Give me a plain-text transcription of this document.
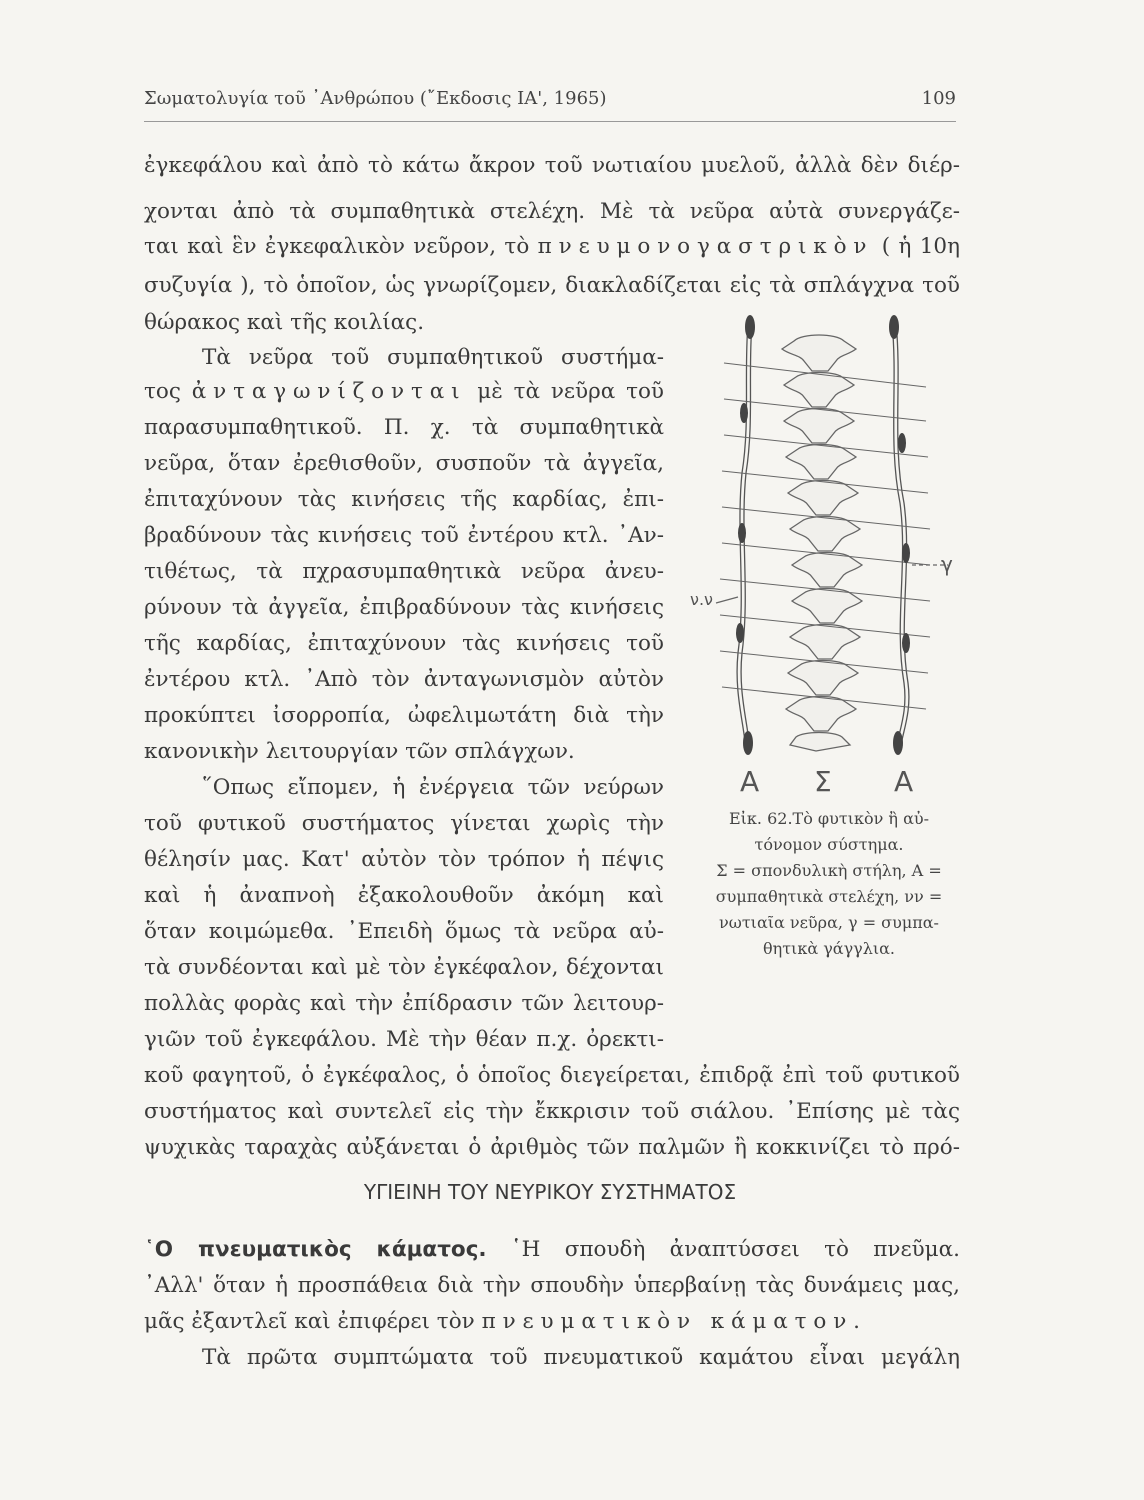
Σωματολυγία τοῦ ᾿Ανθρώπου (῎Εκδοσις ΙΑ', 1965)	109
ἐγκεφάλου καὶ ἀπὸ τὸ κάτω ἄκρον τοῦ νωτιαίου μυελοῦ, ἀλλὰ δὲν διέρ-
χονται ἀπὸ τὰ συμπαθητικὰ στελέχη. Μὲ τὰ νεῦρα αὐτὰ συνεργάζε-
ται καὶ ἓν ἐγκεφαλικὸν νεῦρον, τὸ πνευμονογαστρικὸν ( ἡ 10η
συζυγία ), τὸ ὁποῖον, ὡς γνωρίζομεν, διακλαδίζεται εἰς τὰ σπλάγχνα τοῦ
θώρακος καὶ τῆς κοιλίας.
Τὰ νεῦρα τοῦ συμπαθητικοῦ συστήμα-
τος ἀνταγωνίζονται μὲ τὰ νεῦρα τοῦ
παρασυμπαθητικοῦ. Π. χ. τὰ συμπαθητικὰ
νεῦρα, ὅταν ἐρεθισθοῦν, συσποῦν τὰ ἀγγεῖα,
ἐπιταχύνουν τὰς κινήσεις τῆς καρδίας, ἐπι-
βραδύνουν τὰς κινήσεις τοῦ ἐντέρου κτλ. ᾿Αν-
τιθέτως, τὰ πχρασυμπαθητικὰ νεῦρα ἀνευ-
ρύνουν τὰ ἀγγεῖα, ἐπιβραδύνουν τὰς κινήσεις
τῆς καρδίας, ἐπιταχύνουν τὰς κινήσεις τοῦ
ἐντέρου κτλ. ᾿Απὸ τὸν ἀνταγωνισμὸν αὐτὸν
προκύπτει ἰσορροπία, ὠφελιμωτάτη διὰ τὴν
κανονικὴν λειτουργίαν τῶν σπλάγχων.
῞Οπως εἴπομεν, ἡ ἐνέργεια τῶν νεύρων
τοῦ φυτικοῦ συστήματος γίνεται χωρὶς τὴν
θέλησίν μας. Κατ' αὐτὸν τὸν τρόπον ἡ πέψις
καὶ ἡ ἀναπνοὴ ἐξακολουθοῦν ἀκόμη καὶ
ὅταν κοιμώμεθα. ᾿Επειδὴ ὅμως τὰ νεῦρα αὐ-
τὰ συνδέονται καὶ μὲ τὸν ἐγκέφαλον, δέχονται
πολλὰς φορὰς καὶ τὴν ἐπίδρασιν τῶν λειτουρ-
γιῶν τοῦ ἐγκεφάλου. Μὲ τὴν θέαν π.χ. ὀρεκτι-
κοῦ φαγητοῦ, ὁ ἐγκέφαλος, ὁ ὁποῖος διεγείρεται, ἐπιδρᾷ ἐπὶ τοῦ φυτικοῦ
συστήματος καὶ συντελεῖ εἰς τὴν ἔκκρισιν τοῦ σιάλου. ᾿Επίσης μὲ τὰς
ψυχικὰς ταραχὰς αὐξάνεται ὁ ἀριθμὸς τῶν παλμῶν ἢ κοκκινίζει τὸ πρό-
ΥΓΙΕΙΝΗ ΤΟΥ ΝΕΥΡΙΚΟΥ ΣΥΣΤΗΜΑΤΟΣ
῾Ο πνευματικὸς κάματος. ῾Η σπουδὴ ἀναπτύσσει τὸ πνεῦμα.
᾿Αλλ' ὅταν ἡ προσπάθεια διὰ τὴν σπουδὴν ὑπερβαίνῃ τὰς δυνάμεις μας,
μᾶς ἐξαντλεῖ καὶ ἐπιφέρει τὸν πνευματικὸν κάματον.
Τὰ πρῶτα συμπτώματα τοῦ πνευματικοῦ καμάτου εἶναι μεγάλη
γ
ν.ν
Α Σ Α
Εἰκ. 62.Τὸ φυτικὸν ἢ αὐ-
τόνομον σύστημα.
Σ = σπονδυλικὴ στήλη, Α =
συμπαθητικὰ στελέχη, νν =
νωτιαῖα νεῦρα, γ = συμπα-
θητικὰ γάγγλια.
